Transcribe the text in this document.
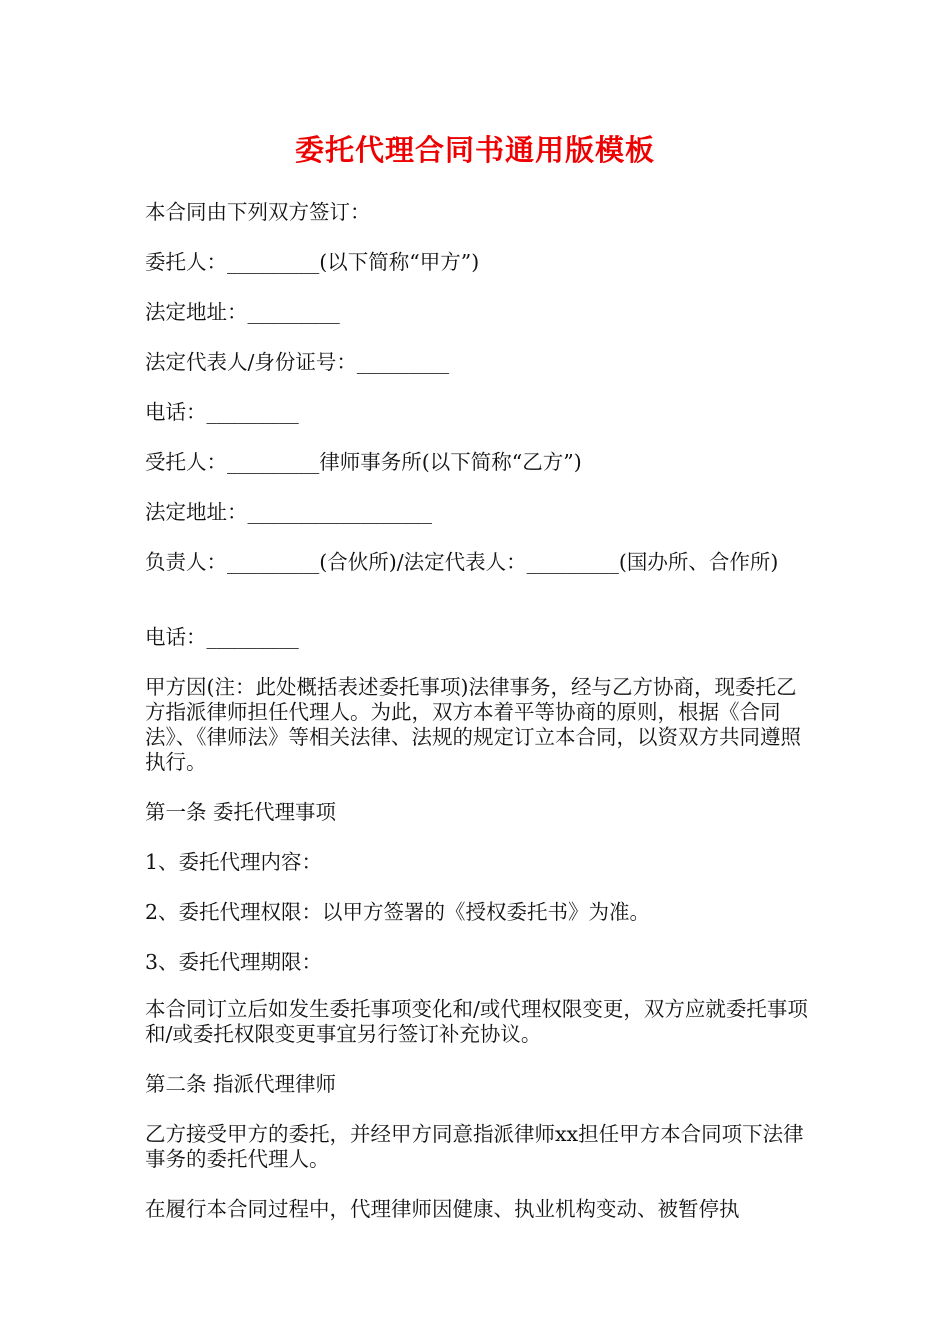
委托代理合同书通用版模板
本合同由下列双方签订：
委托人：_________(以下简称“甲方”)
法定地址：_________
法定代表人/身份证号：_________
电话：_________
受托人：_________律师事务所(以下简称“乙方”)
法定地址：__________________
负责人：_________(合伙所)/法定代表人：_________(国办所、合作所)
电话：_________
甲方因(注：此处概括表述委托事项)法律事务，经与乙方协商，现委托乙方指派律师担任代理人。为此，双方本着平等协商的原则，根据《合同法》、《律师法》等相关法律、法规的规定订立本合同，以资双方共同遵照执行。
第一条 委托代理事项
1、委托代理内容：
2、委托代理权限：以甲方签署的《授权委托书》为准。
3、委托代理期限：
本合同订立后如发生委托事项变化和/或代理权限变更，双方应就委托事项和/或委托权限变更事宜另行签订补充协议。
第二条 指派代理律师
乙方接受甲方的委托，并经甲方同意指派律师xx担任甲方本合同项下法律事务的委托代理人。
在履行本合同过程中，代理律师因健康、执业机构变动、被暂停执
